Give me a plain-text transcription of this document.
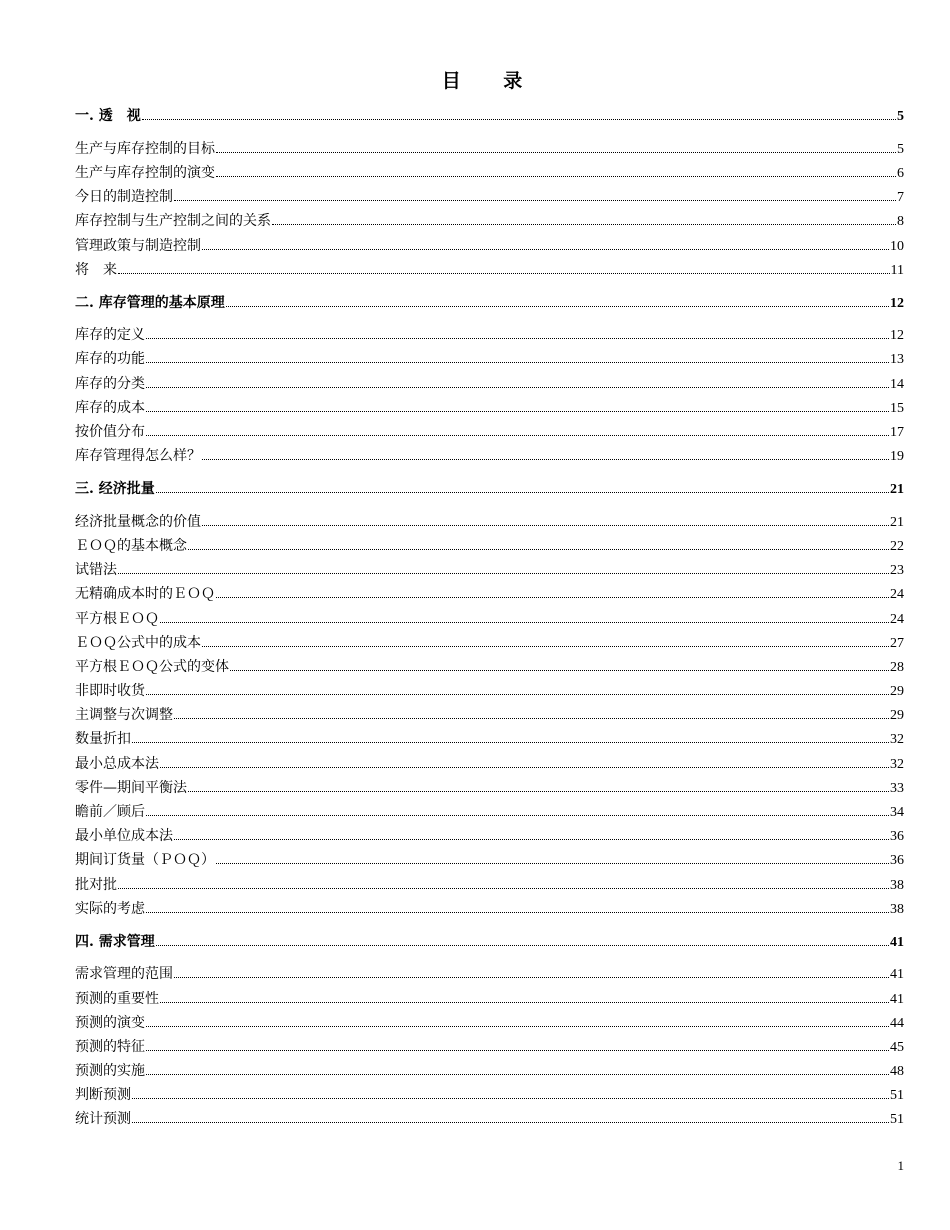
目 录
一. 透　视	5
生产与库存控制的目标	5
生产与库存控制的演变	6
今日的制造控制	7
库存控制与生产控制之间的关系	8
管理政策与制造控制	10
将　来	11
二. 库存管理的基本原理	12
库存的定义	12
库存的功能	13
库存的分类	14
库存的成本	15
按价值分布	17
库存管理得怎么样？	19
三. 经济批量	21
经济批量概念的价值	21
ＥＯＱ的基本概念	22
试错法	23
无精确成本时的ＥＯＱ	24
平方根ＥＯＱ	24
ＥＯＱ公式中的成本	27
平方根ＥＯＱ公式的变体	28
非即时收货	29
主调整与次调整	29
数量折扣	32
最小总成本法	32
零件—期间平衡法	33
瞻前／顾后	34
最小单位成本法	36
期间订货量（ＰＯＱ）	36
批对批	38
实际的考虑	38
四. 需求管理	41
需求管理的范围	41
预测的重要性	41
预测的演变	44
预测的特征	45
预测的实施	48
判断预测	51
统计预测	51
1
